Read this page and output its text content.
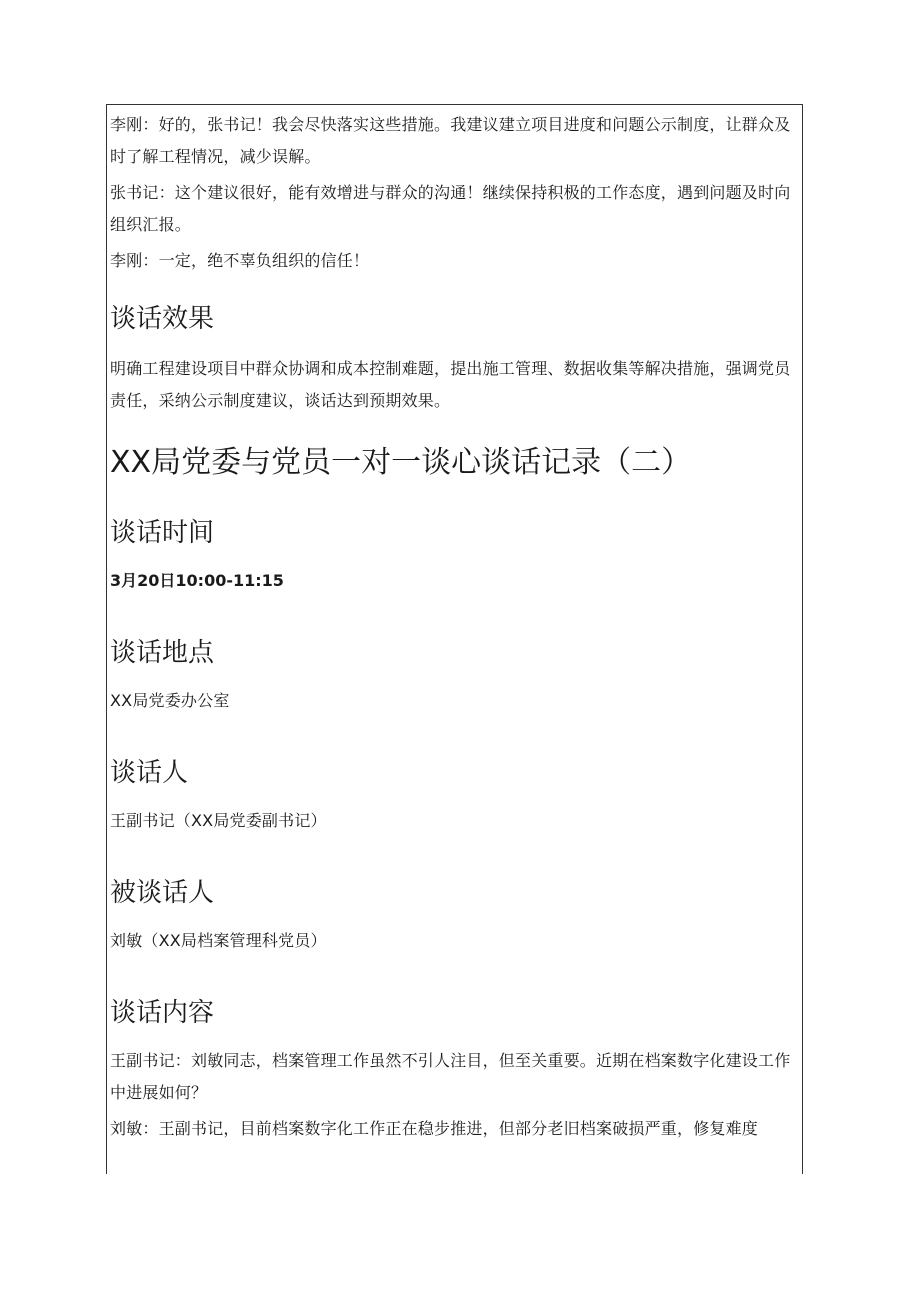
李刚：好的，张书记！我会尽快落实这些措施。我建议建立项目进度和问题公示制度，让群众及时了解工程情况，减少误解。

张书记：这个建议很好，能有效增进与群众的沟通！继续保持积极的工作态度，遇到问题及时向组织汇报。

李刚：一定，绝不辜负组织的信任！

谈话效果

明确工程建设项目中群众协调和成本控制难题，提出施工管理、数据收集等解决措施，强调党员责任，采纳公示制度建议，谈话达到预期效果。

XX局党委与党员一对一谈心谈话记录（二）
谈话时间

3月20日10:00-11:15

谈话地点

XX局党委办公室

谈话人

王副书记（XX局党委副书记）

被谈话人

刘敏（XX局档案管理科党员）

谈话内容

王副书记：刘敏同志，档案管理工作虽然不引人注目，但至关重要。近期在档案数字化建设工作中进展如何？

刘敏：王副书记，目前档案数字化工作正在稳步推进，但部分老旧档案破损严重，修复难度
